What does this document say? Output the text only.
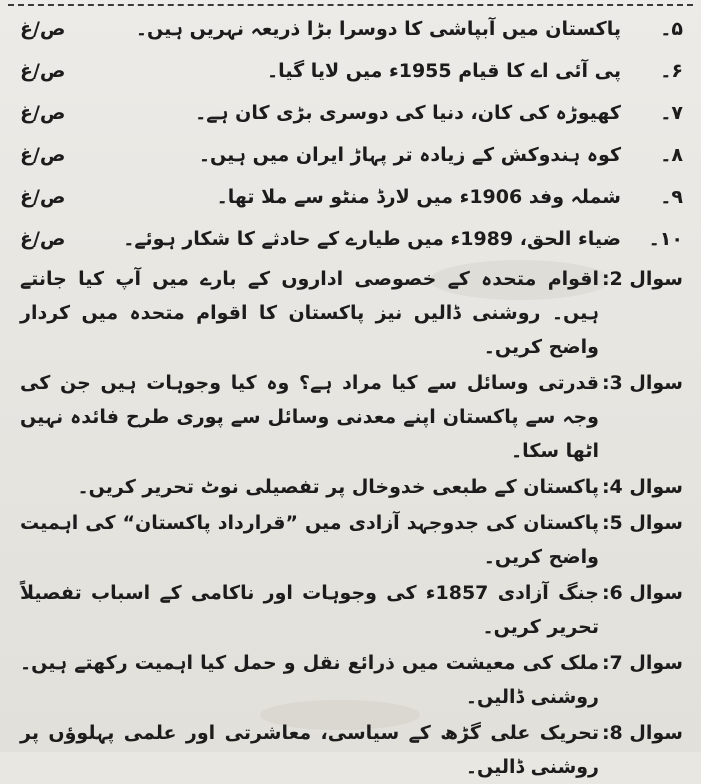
۵۔
پاکستان میں آبپاشی کا دوسرا بڑا ذریعہ نہریں ہیں۔
ص/غ
۶۔
پی آئی اے کا قیام 1955ء میں لایا گیا۔
ص/غ
۷۔
کھیوڑہ کی کان، دنیا کی دوسری بڑی کان ہے۔
ص/غ
۸۔
کوہ ہندوکش کے زیادہ تر پہاڑ ایران میں ہیں۔
ص/غ
۹۔
شملہ وفد 1906ء میں لارڈ منٹو سے ملا تھا۔
ص/غ
۱۰۔
ضیاء الحق، 1989ء میں طیارے کے حادثے کا شکار ہوئے۔
ص/غ
سوال 2:
اقوام متحدہ کے خصوصی اداروں کے بارے میں آپ کیا جانتے ہیں۔ روشنی ڈالیں نیز پاکستان کا اقوام متحدہ میں کردار واضح کریں۔
سوال 3:
قدرتی وسائل سے کیا مراد ہے؟ وہ کیا وجوہات ہیں جن کی وجہ سے پاکستان اپنے معدنی وسائل سے پوری طرح فائدہ نہیں اٹھا سکا۔
سوال 4:
پاکستان کے طبعی خدوخال پر تفصیلی نوٹ تحریر کریں۔
سوال 5:
پاکستان کی جدوجہد آزادی میں ”قرارداد پاکستان“ کی اہمیت واضح کریں۔
سوال 6:
جنگ آزادی 1857ء کی وجوہات اور ناکامی کے اسباب تفصیلاً تحریر کریں۔
سوال 7:
ملک کی معیشت میں ذرائع نقل و حمل کیا اہمیت رکھتے ہیں۔ روشنی ڈالیں۔
سوال 8:
تحریک علی گڑھ کے سیاسی، معاشرتی اور علمی پہلوؤں پر روشنی ڈالیں۔
